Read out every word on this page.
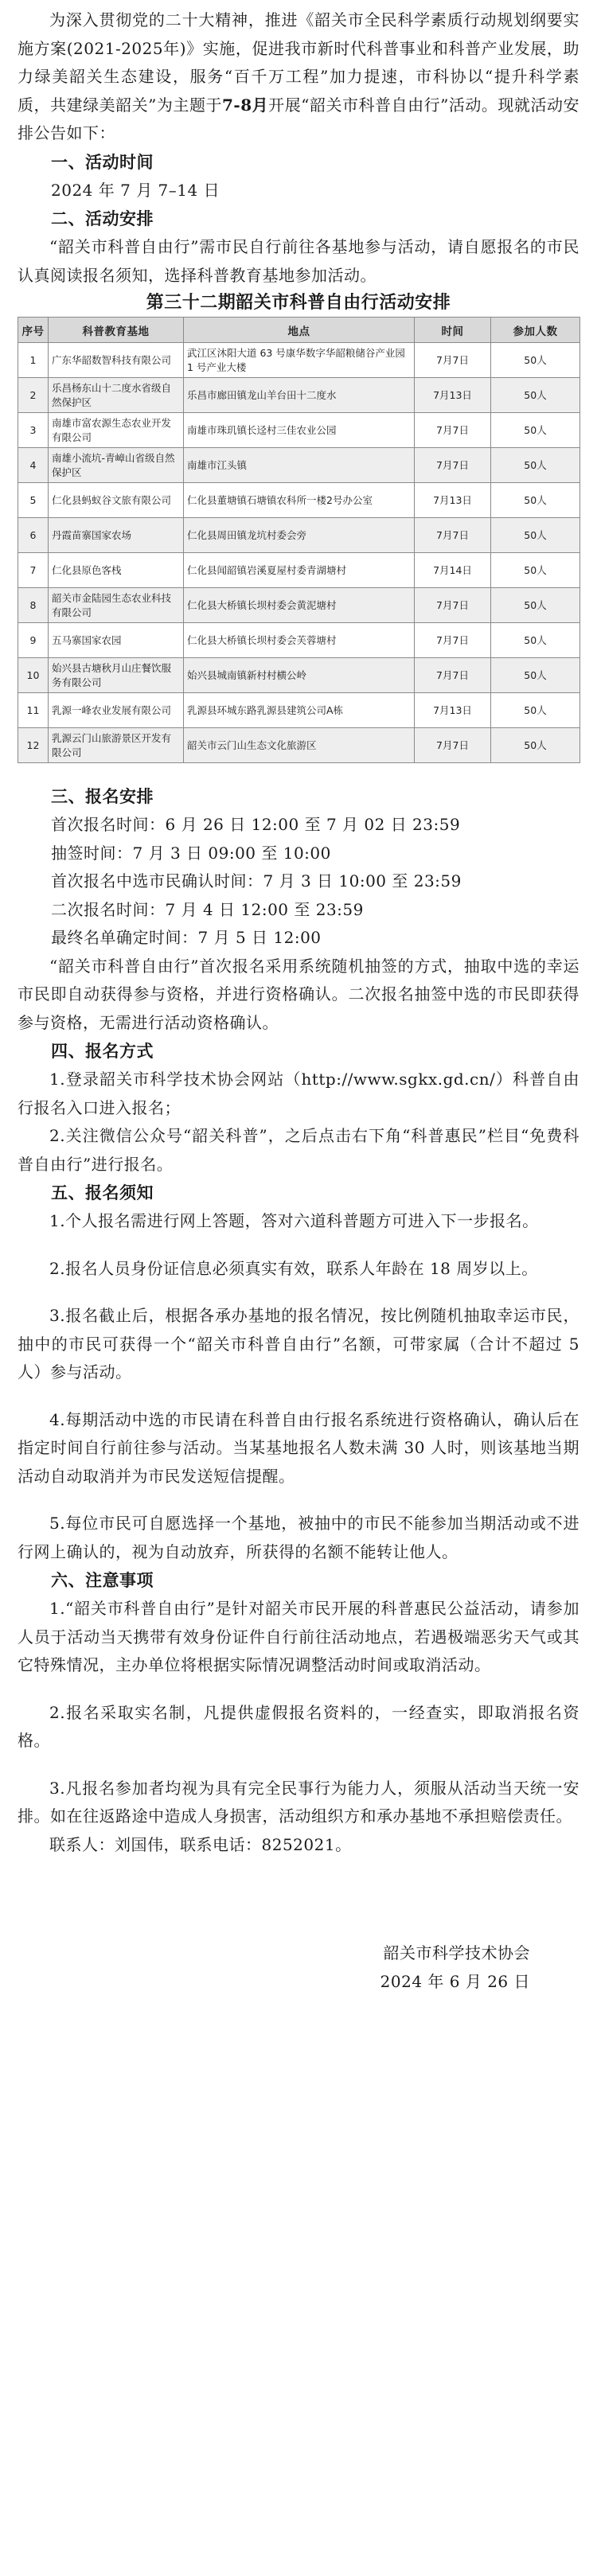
为深入贯彻党的二十大精神，推进《韶关市全民科学素质行动规划纲要实施方案(2021-2025年)》实施，促进我市新时代科普事业和科普产业发展，助力绿美韶关生态建设，服务“百千万工程”加力提速，市科协以“提升科学素质，共建绿美韶关”为主题于7-8月开展“韶关市科普自由行”活动。现就活动安排公告如下：

一、活动时间

2024 年 7 月 7–14 日

二、活动安排

“韶关市科普自由行”需市民自行前往各基地参与活动，请自愿报名的市民认真阅读报名须知，选择科普教育基地参加活动。

第三十二期韶关市科普自由行活动安排
序号	科普教育基地	地点	时间	参加人数
1	广东华韶数智科技有限公司	武江区沐阳大道 63 号康华数字华韶粮储谷产业园 1 号产业大楼	7月7日	50人
2	乐昌杨东山十二度水省级自然保护区	乐昌市廊田镇龙山羊台田十二度水	7月13日	50人
3	南雄市富农源生态农业开发有限公司	南雄市珠玑镇长迳村三佳农业公园	7月7日	50人
4	南雄小流坑-青嶂山省级自然保护区	南雄市江头镇	7月7日	50人
5	仁化县蚂蚁谷文旅有限公司	仁化县董塘镇石塘镇农科所一楼2号办公室	7月13日	50人
6	丹霞苗寨国家农场	仁化县周田镇龙坑村委会旁	7月7日	50人
7	仁化县原色客栈	仁化县闻韶镇岩溪夏屋村委青湖塘村	7月14日	50人
8	韶关市金陆园生态农业科技有限公司	仁化县大桥镇长坝村委会黄泥塘村	7月7日	50人
9	五马寨国家农园	仁化县大桥镇长坝村委会芙蓉塘村	7月7日	50人
10	始兴县古塘秋月山庄餐饮服务有限公司	始兴县城南镇新村村横公岭	7月7日	50人
11	乳源一峰农业发展有限公司	乳源县环城东路乳源县建筑公司A栋	7月13日	50人
12	乳源云门山旅游景区开发有限公司	韶关市云门山生态文化旅游区	7月7日	50人
三、报名安排

首次报名时间：6 月 26 日 12:00 至 7 月 02 日 23:59

抽签时间：7 月 3 日 09:00 至 10:00

首次报名中选市民确认时间：7 月 3 日 10:00 至 23:59

二次报名时间：7 月 4 日 12:00 至 23:59

最终名单确定时间：7 月 5 日 12:00

“韶关市科普自由行”首次报名采用系统随机抽签的方式，抽取中选的幸运市民即自动获得参与资格，并进行资格确认。二次报名抽签中选的市民即获得参与资格，无需进行活动资格确认。

四、报名方式

1.登录韶关市科学技术协会网站（http://www.sgkx.gd.cn/）科普自由行报名入口进入报名；

2.关注微信公众号“韶关科普”，之后点击右下角“科普惠民”栏目“免费科普自由行”进行报名。

五、报名须知

1.个人报名需进行网上答题，答对六道科普题方可进入下一步报名。

2.报名人员身份证信息必须真实有效，联系人年龄在 18 周岁以上。

3.报名截止后，根据各承办基地的报名情况，按比例随机抽取幸运市民，抽中的市民可获得一个“韶关市科普自由行”名额，可带家属（合计不超过 5 人）参与活动。

4.每期活动中选的市民请在科普自由行报名系统进行资格确认，确认后在指定时间自行前往参与活动。当某基地报名人数未满 30 人时，则该基地当期活动自动取消并为市民发送短信提醒。

5.每位市民可自愿选择一个基地，被抽中的市民不能参加当期活动或不进行网上确认的，视为自动放弃，所获得的名额不能转让他人。

六、注意事项

1.“韶关市科普自由行”是针对韶关市民开展的科普惠民公益活动，请参加人员于活动当天携带有效身份证件自行前往活动地点，若遇极端恶劣天气或其它特殊情况，主办单位将根据实际情况调整活动时间或取消活动。

2.报名采取实名制，凡提供虚假报名资料的，一经查实，即取消报名资格。

3.凡报名参加者均视为具有完全民事行为能力人，须服从活动当天统一安排。如在往返路途中造成人身损害，活动组织方和承办基地不承担赔偿责任。

联系人：刘国伟，联系电话：8252021。

韶关市科学技术协会

2024 年 6 月 26 日
